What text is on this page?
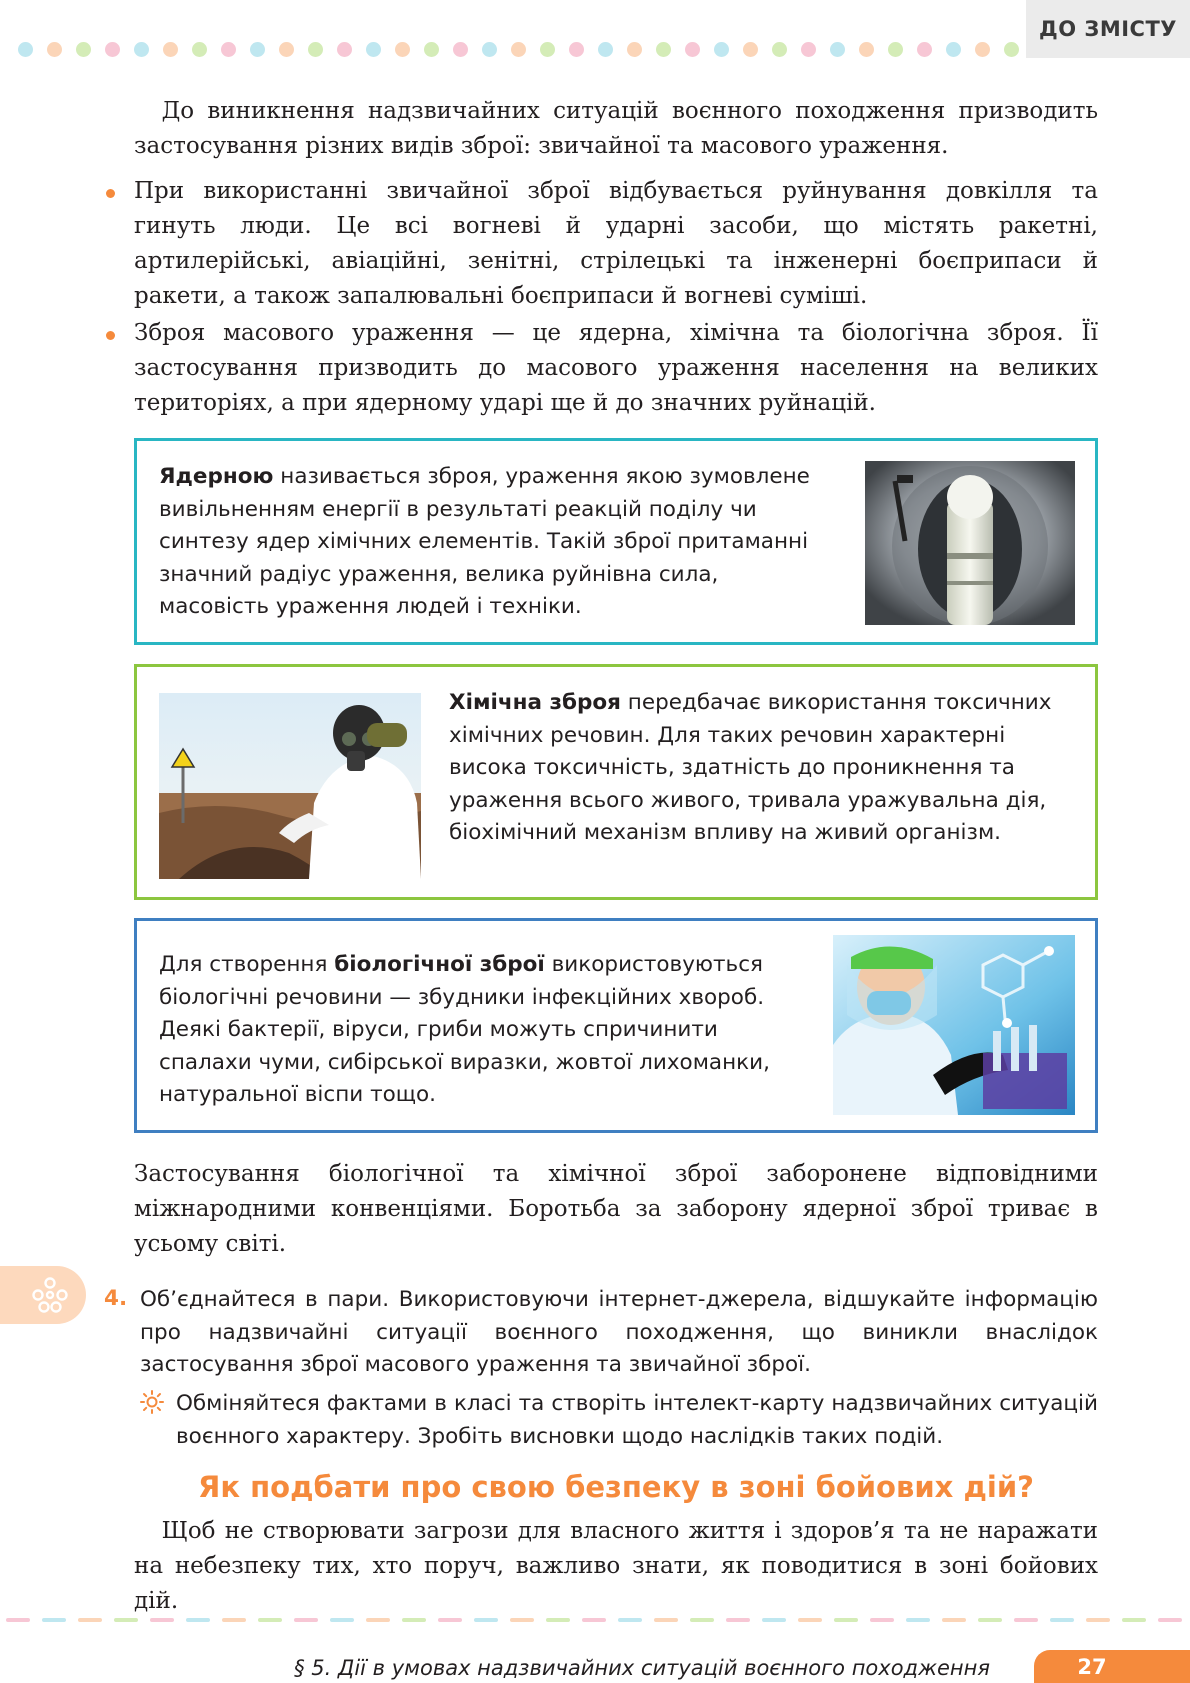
ДО ЗМІСТУ

До виникнення надзвичайних ситуацій воєнного походження призводить застосування різних видів зброї: звичайної та масового ураження.

При використанні звичайної зброї відбувається руйнування довкілля та гинуть люди. Це всі вогневі й ударні засоби, що містять ракетні, артилерійські, авіаційні, зенітні, стрілецькі та інженерні боєприпаси й ракети, а також запалювальні боєприпаси й вогневі суміші.
Зброя масового ураження — це ядерна, хімічна та біологічна зброя. Її застосування призводить до масового ураження населення на великих територіях, а при ядерному ударі ще й до значних руйнацій.

Ядерною називається зброя, ураження якою зумовлене вивільненням енергії в результаті реакцій поділу чи синтезу ядер хімічних елементів. Такій зброї притаманні значний радіус ураження, велика руйнівна сила, масовість ураження людей і техніки.

Хімічна зброя передбачає використання токсичних хімічних речовин. Для таких речовин характерні висока токсичність, здатність до проникнення та ураження всього живого, тривала уражувальна дія, біохімічний механізм впливу на живий організм.

Для створення біологічної зброї використовуються біологічні речовини — збудники інфекційних хвороб. Деякі бактерії, віруси, гриби можуть спричинити спалахи чуми, сибірської виразки, жовтої лихоманки, натуральної віспи тощо.

Застосування біологічної та хімічної зброї заборонене відповідними міжнародними конвенціями. Боротьба за заборону ядерної зброї триває в усьому світі.

4. Об’єднайтеся в пари. Використовуючи інтернет-джерела, відшукайте інформацію про надзвичайні ситуації воєнного походження, що виникли внаслідок застосування зброї масового ураження та звичайної зброї.

Обміняйтеся фактами в класі та створіть інтелект-карту надзвичайних ситуацій воєнного характеру. Зробіть висновки щодо наслідків таких подій.

Як подбати про свою безпеку в зоні бойових дій?

Щоб не створювати загрози для власного життя і здоров’я та не наражати на небезпеку тих, хто поруч, важливо знати, як поводитися в зоні бойових дій.

§ 5. Дії в умовах надзвичайних ситуацій воєнного походження	27
